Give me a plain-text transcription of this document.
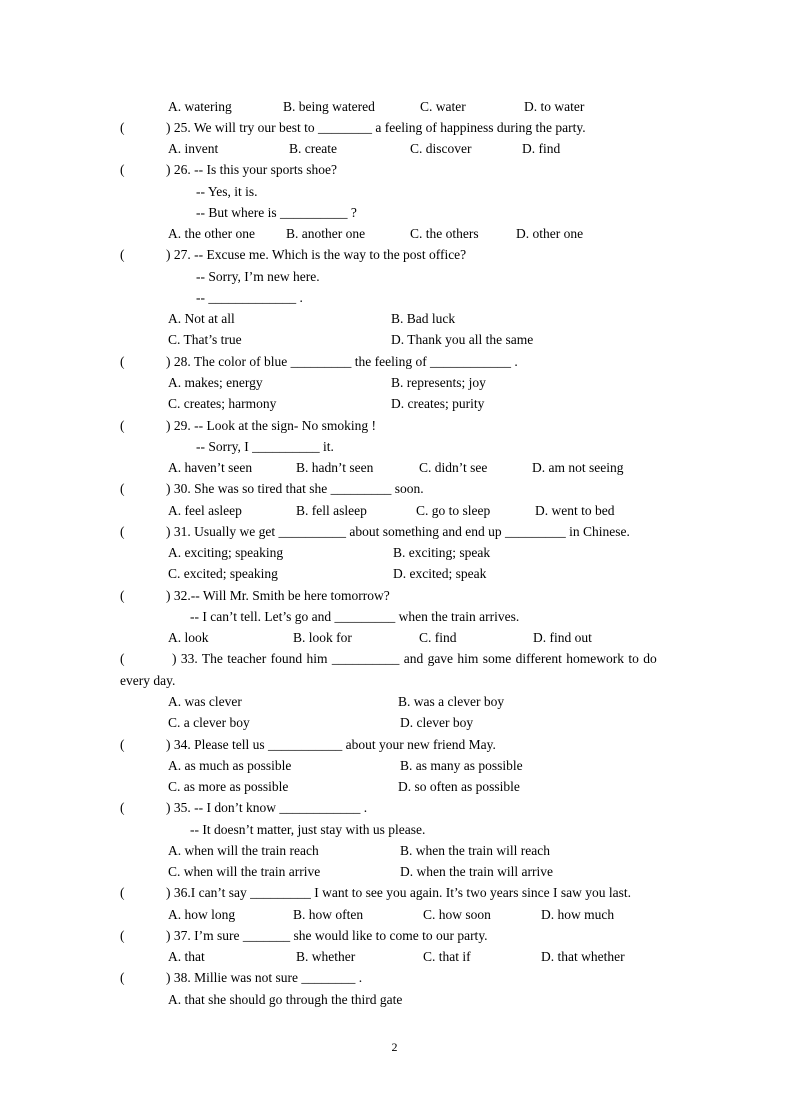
A. watering	B. being watered	C. water	D. to water
(	) 25. We will try our best to ________ a feeling of happiness during the party.
A. invent	B. create	C. discover	D. find
(	) 26. -- Is this your sports shoe?
-- Yes, it is.
-- But where is __________ ?
A. the other one B. another one	C. the others	D. other one
(	) 27. -- Excuse me. Which is the way to the post office?
-- Sorry, I’m new here.
-- _____________ .
A. Not at all	B. Bad luck
C. That’s true	D. Thank you all the same
(	) 28. The color of blue _________ the feeling of ____________ .
A. makes; energy	B. represents; joy
C. creates; harmony	D. creates; purity
(	) 29. -- Look at the sign- No smoking !
-- Sorry, I __________ it.
A. haven’t seen	B. hadn’t seen	C. didn’t see	D. am not seeing
(	) 30. She was so tired that she _________ soon.
A. feel asleep	B. fell asleep	C. go to sleep	D. went to bed
(	) 31. Usually we get __________ about something and end up _________ in Chinese.
A. exciting; speaking	B. exciting; speak
C. excited; speaking	D. excited; speak
(	) 32.-- Will Mr. Smith be here tomorrow?
-- I can’t tell. Let’s go and _________ when the train arrives.
A. look	B. look for	C. find	D. find out
(	) 33. The teacher found him __________ and gave him some different homework to do
every day.
A. was clever	B. was a clever boy
C. a clever boy	D. clever boy
(	) 34. Please tell us ___________ about your new friend May.
A. as much as possible	B. as many as possible
C. as more as possible	D. so often as possible
(	) 35. -- I don’t know ____________ .
-- It doesn’t matter, just stay with us please.
A. when will the train reach	B. when the train will reach
C. when will the train arrive	D. when the train will arrive
(	) 36.I can’t say _________ I want to see you again. It’s two years since I saw you last.
A. how long	B. how often	C. how soon	D. how much
(	) 37. I’m sure _______ she would like to come to our party.
A. that	B. whether	C. that if	D. that whether
(	) 38. Millie was not sure ________ .
A. that she should go through the third gate
2
